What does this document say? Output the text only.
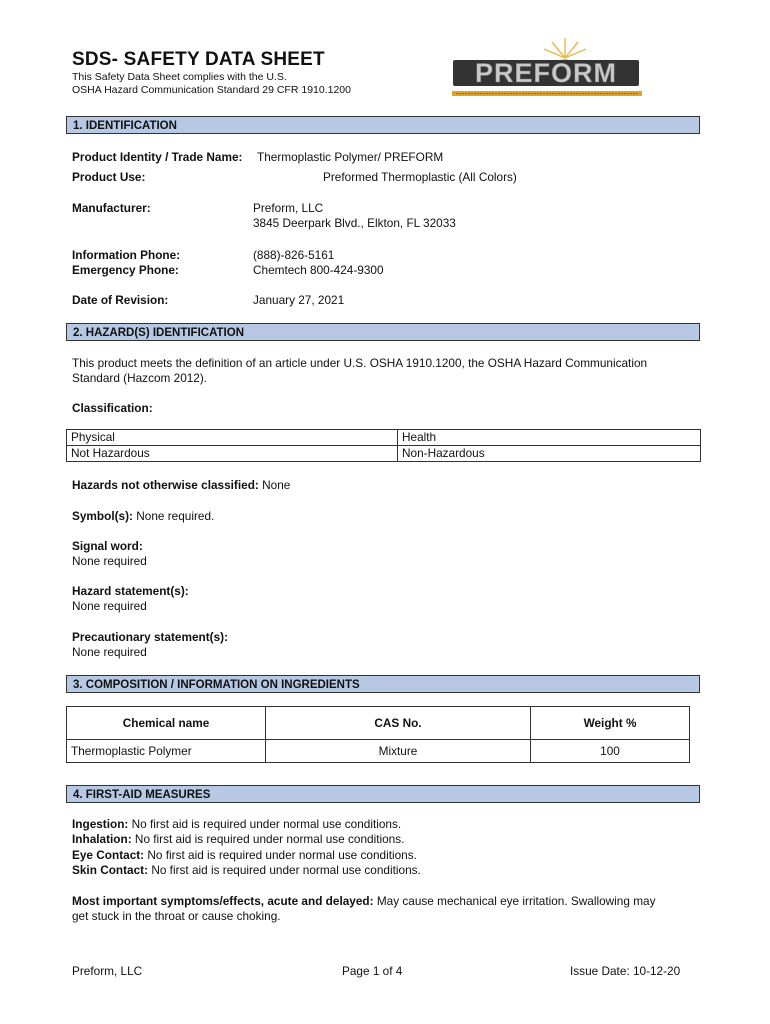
SDS- SAFETY DATA SHEET
This Safety Data Sheet complies with the U.S.
OSHA Hazard Communication Standard 29 CFR 1910.1200
PREFORM
1. IDENTIFICATION
Product Identity / Trade Name: Thermoplastic Polymer/ PREFORM
Product Use:	Preformed Thermoplastic (All Colors)
Manufacturer:	Preform, LLC
3845 Deerpark Blvd., Elkton, FL 32033
Information Phone:	(888)-826-5161
Emergency Phone:	Chemtech 800-424-9300
Date of Revision:	January 27, 2021
2. HAZARD(S) IDENTIFICATION
This product meets the definition of an article under U.S. OSHA 1910.1200, the OSHA Hazard Communication
Standard (Hazcom 2012).
Classification:
Physical	Health
Not Hazardous	Non-Hazardous
Hazards not otherwise classified: None
Symbol(s): None required.
Signal word:
None required
Hazard statement(s):
None required
Precautionary statement(s):
None required
3. COMPOSITION / INFORMATION ON INGREDIENTS
Chemical name	CAS No.	Weight %
Thermoplastic Polymer	Mixture	100
4. FIRST-AID MEASURES
Ingestion: No first aid is required under normal use conditions.
Inhalation: No first aid is required under normal use conditions.
Eye Contact: No first aid is required under normal use conditions.
Skin Contact: No first aid is required under normal use conditions.
Most important symptoms/effects, acute and delayed: May cause mechanical eye irritation. Swallowing may
get stuck in the throat or cause choking.
Preform, LLC	Page 1 of 4	Issue Date: 10-12-20
